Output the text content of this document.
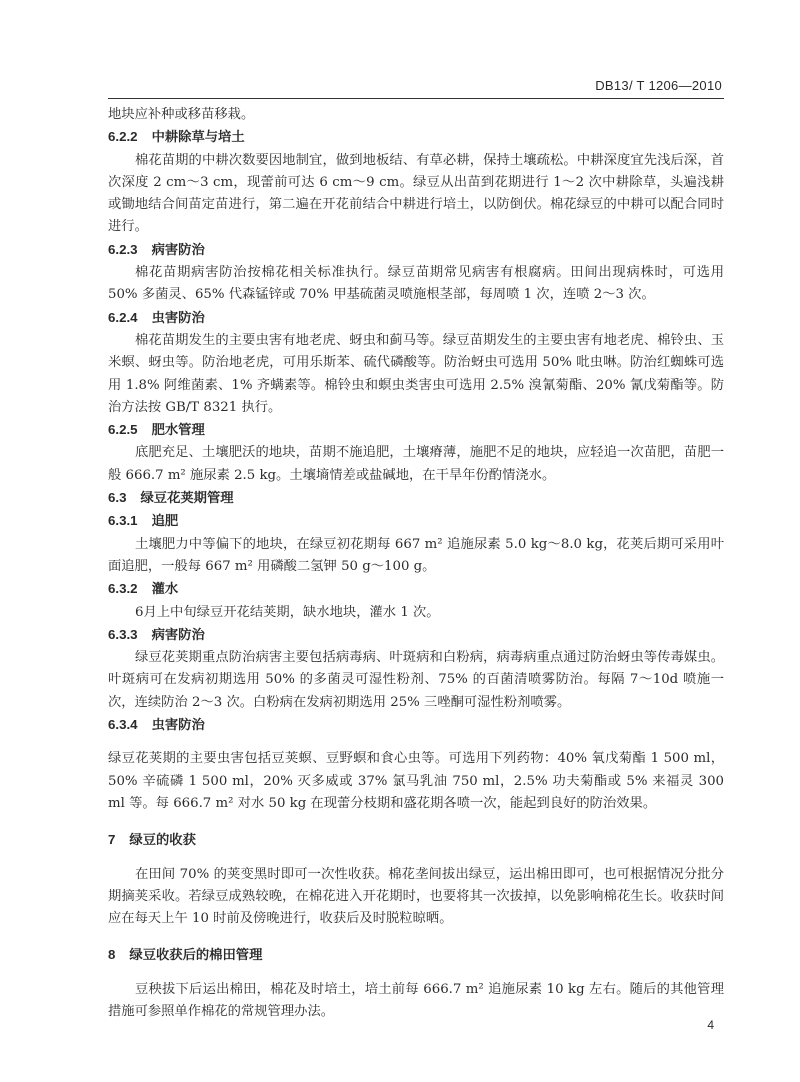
DB13/ T 1206—2010

地块应补种或移苗移栽。

6.2.2 中耕除草与培土

棉花苗期的中耕次数要因地制宜，做到地板结、有草必耕，保持土壤疏松。中耕深度宜先浅后深，首次深度 2 cm～3 cm，现蕾前可达 6 cm～9 cm。绿豆从出苗到花期进行 1～2 次中耕除草，头遍浅耕或锄地结合间苗定苗进行，第二遍在开花前结合中耕进行培土，以防倒伏。棉花绿豆的中耕可以配合同时进行。

6.2.3 病害防治

棉花苗期病害防治按棉花相关标准执行。绿豆苗期常见病害有根腐病。田间出现病株时，可选用 50% 多菌灵、65% 代森锰锌或 70% 甲基硫菌灵喷施根茎部，每周喷 1 次，连喷 2～3 次。

6.2.4 虫害防治

棉花苗期发生的主要虫害有地老虎、蚜虫和蓟马等。绿豆苗期发生的主要虫害有地老虎、棉铃虫、玉米螟、蚜虫等。防治地老虎，可用乐斯苯、硫代磷酸等。防治蚜虫可选用 50% 吡虫啉。防治红蜘蛛可选用 1.8% 阿维菌素、1% 齐螨素等。棉铃虫和螟虫类害虫可选用 2.5% 溴氰菊酯、20% 氰戊菊酯等。防治方法按 GB/T 8321 执行。

6.2.5 肥水管理

底肥充足、土壤肥沃的地块，苗期不施追肥，土壤瘠薄，施肥不足的地块，应轻追一次苗肥，苗肥一般 666.7 m² 施尿素 2.5 kg。土壤墒情差或盐碱地，在干旱年份酌情浇水。

6.3 绿豆花荚期管理

6.3.1 追肥

土壤肥力中等偏下的地块，在绿豆初花期每 667 m² 追施尿素 5.0 kg～8.0 kg，花荚后期可采用叶面追肥，一般每 667 m² 用磷酸二氢钾 50 g～100 g。

6.3.2 灌水

6月上中旬绿豆开花结荚期，缺水地块，灌水 1 次。

6.3.3 病害防治

绿豆花荚期重点防治病害主要包括病毒病、叶斑病和白粉病，病毒病重点通过防治蚜虫等传毒媒虫。叶斑病可在发病初期选用 50% 的多菌灵可湿性粉剂、75% 的百菌清喷雾防治。每隔 7～10d 喷施一次，连续防治 2～3 次。白粉病在发病初期选用 25% 三唑酮可湿性粉剂喷雾。

6.3.4 虫害防治

绿豆花荚期的主要虫害包括豆荚螟、豆野螟和食心虫等。可选用下列药物：40% 氧戊菊酯 1 500 ml，50% 辛硫磷 1 500 ml，20% 灭多威或 37% 氯马乳油 750 ml，2.5% 功夫菊酯或 5% 来福灵 300 ml 等。每 666.7 m² 对水 50 kg 在现蕾分枝期和盛花期各喷一次，能起到良好的防治效果。

7 绿豆的收获

在田间 70% 的荚变黑时即可一次性收获。棉花垄间拔出绿豆，运出棉田即可，也可根据情况分批分期摘荚采收。若绿豆成熟较晚，在棉花进入开花期时，也要将其一次拔掉，以免影响棉花生长。收获时间应在每天上午 10 时前及傍晚进行，收获后及时脱粒晾晒。

8 绿豆收获后的棉田管理

豆秧拔下后运出棉田，棉花及时培土，培土前每 666.7 m² 追施尿素 10 kg 左右。随后的其他管理措施可参照单作棉花的常规管理办法。

4
